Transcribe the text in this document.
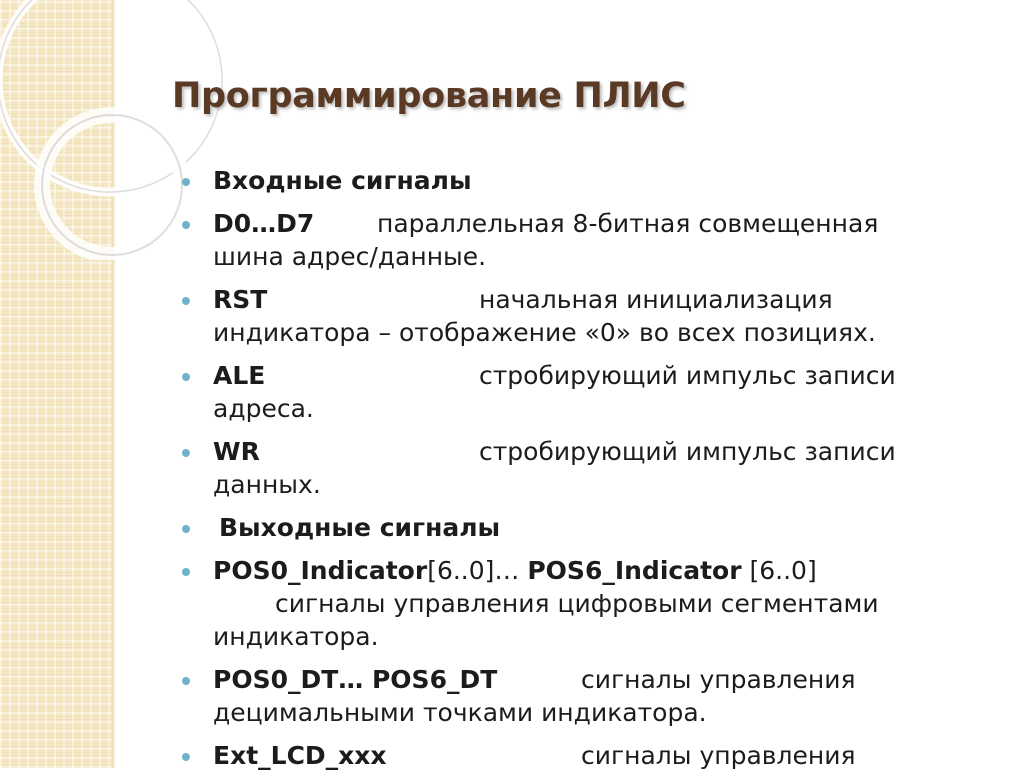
Программирование ПЛИС
Входные сигналы
D0…D7	параллельная 8-битная совмещенная
шина адрес/данные.
RST	начальная инициализация
индикатора – отображение «0» во всех позициях.
ALE	стробирующий импульс записи
адреса.
WR	стробирующий импульс записи
данных.
Выходные сигналы
POS0_Indicator[6..0]… POS6_Indicator [6..0]
сигналы управления цифровыми сегментами
индикатора.
POS0_DT… POS6_DT	сигналы управления
децимальными точками индикатора.
Ext_LCD_xxx	сигналы управления
